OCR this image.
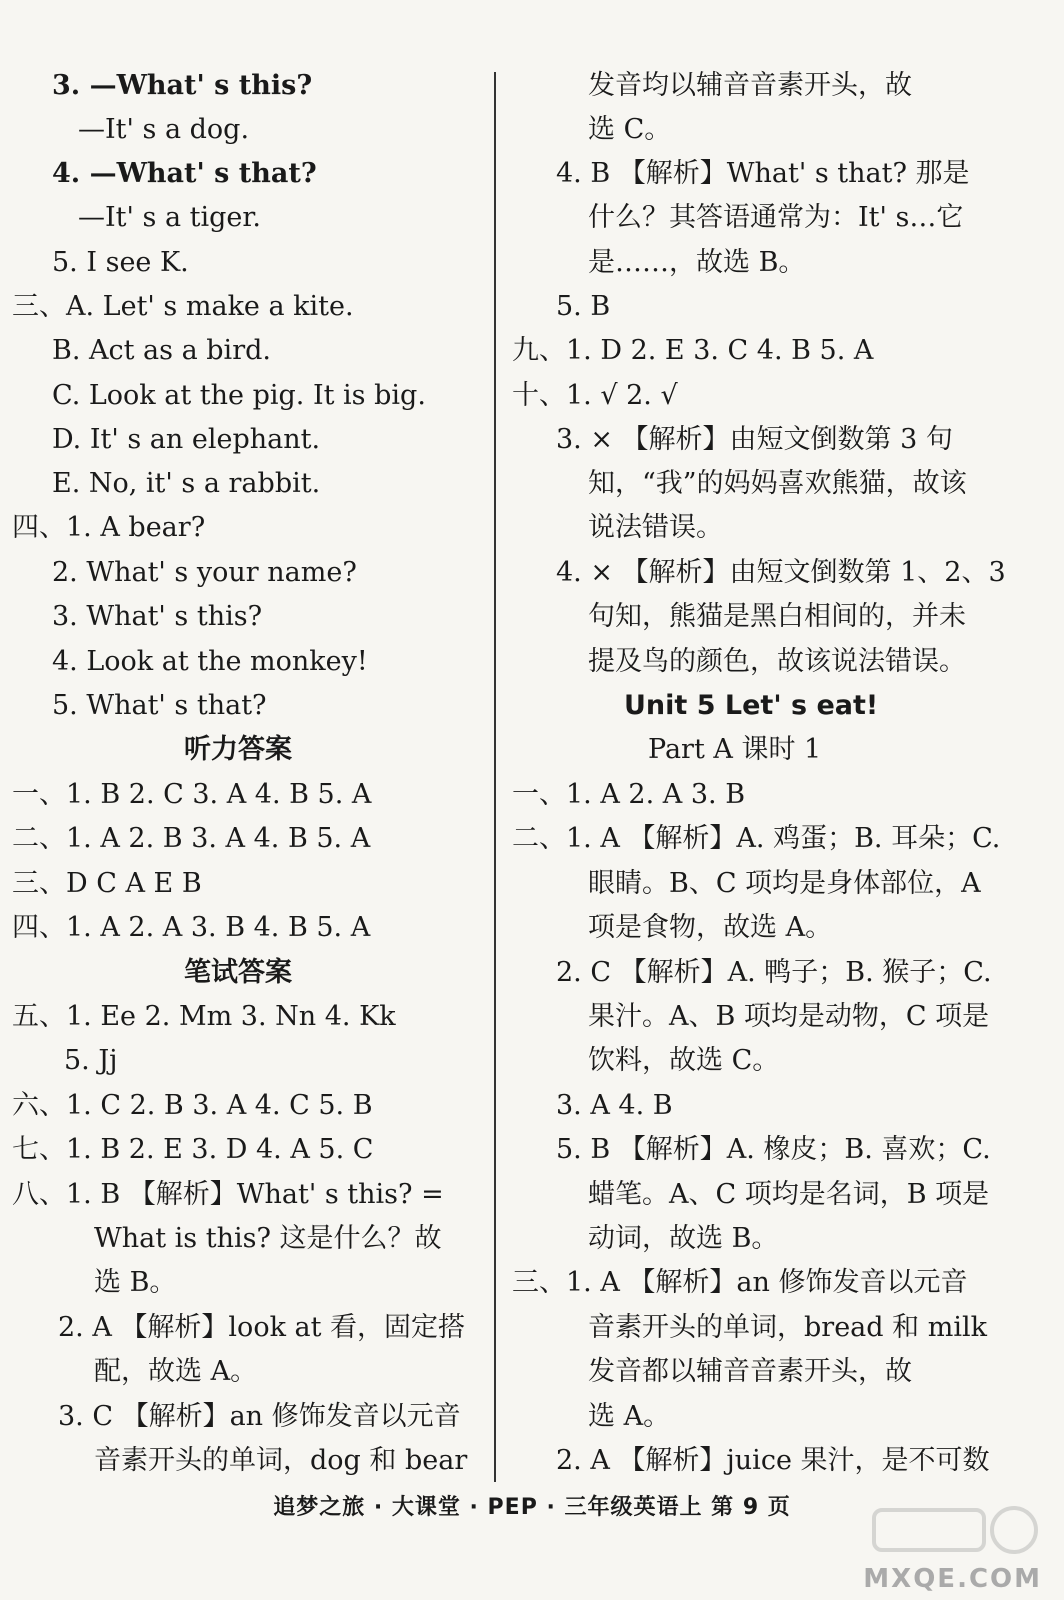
3. —What' s this?
—It' s a dog.
4. —What' s that?
—It' s a tiger.
5. I see K.
三、A. Let' s make a kite.
B. Act as a bird.
C. Look at the pig. It is big.
D. It' s an elephant.
E. No, it' s a rabbit.
四、1. A bear?
2. What' s your name?
3. What' s this?
4. Look at the monkey!
5. What' s that?
听力答案
一、1. B 2. C 3. A 4. B 5. A
二、1. A 2. B 3. A 4. B 5. A
三、D C A E B
四、1. A 2. A 3. B 4. B 5. A
笔试答案
五、1. Ee 2. Mm 3. Nn 4. Kk
5. Jj
六、1. C 2. B 3. A 4. C 5. B
七、1. B 2. E 3. D 4. A 5. C
八、1. B 【解析】What' s this? =
What is this? 这是什么？故
选 B。
2. A 【解析】look at 看，固定搭
配，故选 A。
3. C 【解析】an 修饰发音以元音
音素开头的单词，dog 和 bear
发音均以辅音音素开头，故
选 C。
4. B 【解析】What' s that? 那是
什么？其答语通常为：It' s…它
是……，故选 B。
5. B
九、1. D 2. E 3. C 4. B 5. A
十、1. √ 2. √
3. × 【解析】由短文倒数第 3 句
知，“我”的妈妈喜欢熊猫，故该
说法错误。
4. × 【解析】由短文倒数第 1、2、3
句知，熊猫是黑白相间的，并未
提及鸟的颜色，故该说法错误。
Unit 5 Let' s eat!
Part A 课时 1
一、1. A 2. A 3. B
二、1. A 【解析】A. 鸡蛋；B. 耳朵；C.
眼睛。B、C 项均是身体部位，A
项是食物，故选 A。
2. C 【解析】A. 鸭子；B. 猴子；C.
果汁。A、B 项均是动物，C 项是
饮料，故选 C。
3. A 4. B
5. B 【解析】A. 橡皮；B. 喜欢；C.
蜡笔。A、C 项均是名词，B 项是
动词，故选 B。
三、1. A 【解析】an 修饰发音以元音
音素开头的单词，bread 和 milk
发音都以辅音音素开头，故
选 A。
2. A 【解析】juice 果汁，是不可数
追梦之旅 · 大课堂 · PEP · 三年级英语上 第 9 页
MXQE.COM
